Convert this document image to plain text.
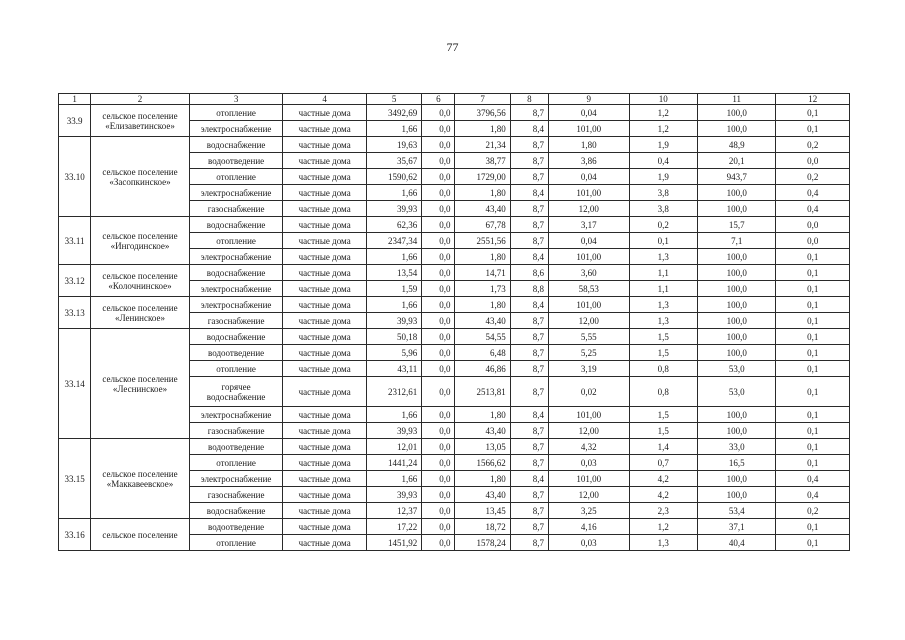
77
1	2	3	4	5	6	7	8	9	10	11	12
33.9	сельское поселение «Елизаветинское»	отопление	частные дома	3492,69	0,0	3796,56	8,7	0,04	1,2	100,0	0,1
		электроснабжение	частные дома	1,66	0,0	1,80	8,4	101,00	1,2	100,0	0,1
33.10	сельское поселение «Засопкинское»	водоснабжение	частные дома	19,63	0,0	21,34	8,7	1,80	1,9	48,9	0,2
		водоотведение	частные дома	35,67	0,0	38,77	8,7	3,86	0,4	20,1	0,0
		отопление	частные дома	1590,62	0,0	1729,00	8,7	0,04	1,9	943,7	0,2
		электроснабжение	частные дома	1,66	0,0	1,80	8,4	101,00	3,8	100,0	0,4
		газоснабжение	частные дома	39,93	0,0	43,40	8,7	12,00	3,8	100,0	0,4
33.11	сельское поселение «Ингодинское»	водоснабжение	частные дома	62,36	0,0	67,78	8,7	3,17	0,2	15,7	0,0
		отопление	частные дома	2347,34	0,0	2551,56	8,7	0,04	0,1	7,1	0,0
		электроснабжение	частные дома	1,66	0,0	1,80	8,4	101,00	1,3	100,0	0,1
33.12	сельское поселение «Колочнинское»	водоснабжение	частные дома	13,54	0,0	14,71	8,6	3,60	1,1	100,0	0,1
		электроснабжение	частные дома	1,59	0,0	1,73	8,8	58,53	1,1	100,0	0,1
33.13	сельское поселение «Ленинское»	электроснабжение	частные дома	1,66	0,0	1,80	8,4	101,00	1,3	100,0	0,1
		газоснабжение	частные дома	39,93	0,0	43,40	8,7	12,00	1,3	100,0	0,1
33.14	сельское поселение «Леснинское»	водоснабжение	частные дома	50,18	0,0	54,55	8,7	5,55	1,5	100,0	0,1
		водоотведение	частные дома	5,96	0,0	6,48	8,7	5,25	1,5	100,0	0,1
		отопление	частные дома	43,11	0,0	46,86	8,7	3,19	0,8	53,0	0,1
		горячее водоснабжение	частные дома	2312,61	0,0	2513,81	8,7	0,02	0,8	53,0	0,1
		электроснабжение	частные дома	1,66	0,0	1,80	8,4	101,00	1,5	100,0	0,1
		газоснабжение	частные дома	39,93	0,0	43,40	8,7	12,00	1,5	100,0	0,1
33.15	сельское поселение «Маккавеевское»	водоотведение	частные дома	12,01	0,0	13,05	8,7	4,32	1,4	33,0	0,1
		отопление	частные дома	1441,24	0,0	1566,62	8,7	0,03	0,7	16,5	0,1
		электроснабжение	частные дома	1,66	0,0	1,80	8,4	101,00	4,2	100,0	0,4
		газоснабжение	частные дома	39,93	0,0	43,40	8,7	12,00	4,2	100,0	0,4
		водоснабжение	частные дома	12,37	0,0	13,45	8,7	3,25	2,3	53,4	0,2
33.16	сельское поселение	водоотведение	частные дома	17,22	0,0	18,72	8,7	4,16	1,2	37,1	0,1
		отопление	частные дома	1451,92	0,0	1578,24	8,7	0,03	1,3	40,4	0,1
